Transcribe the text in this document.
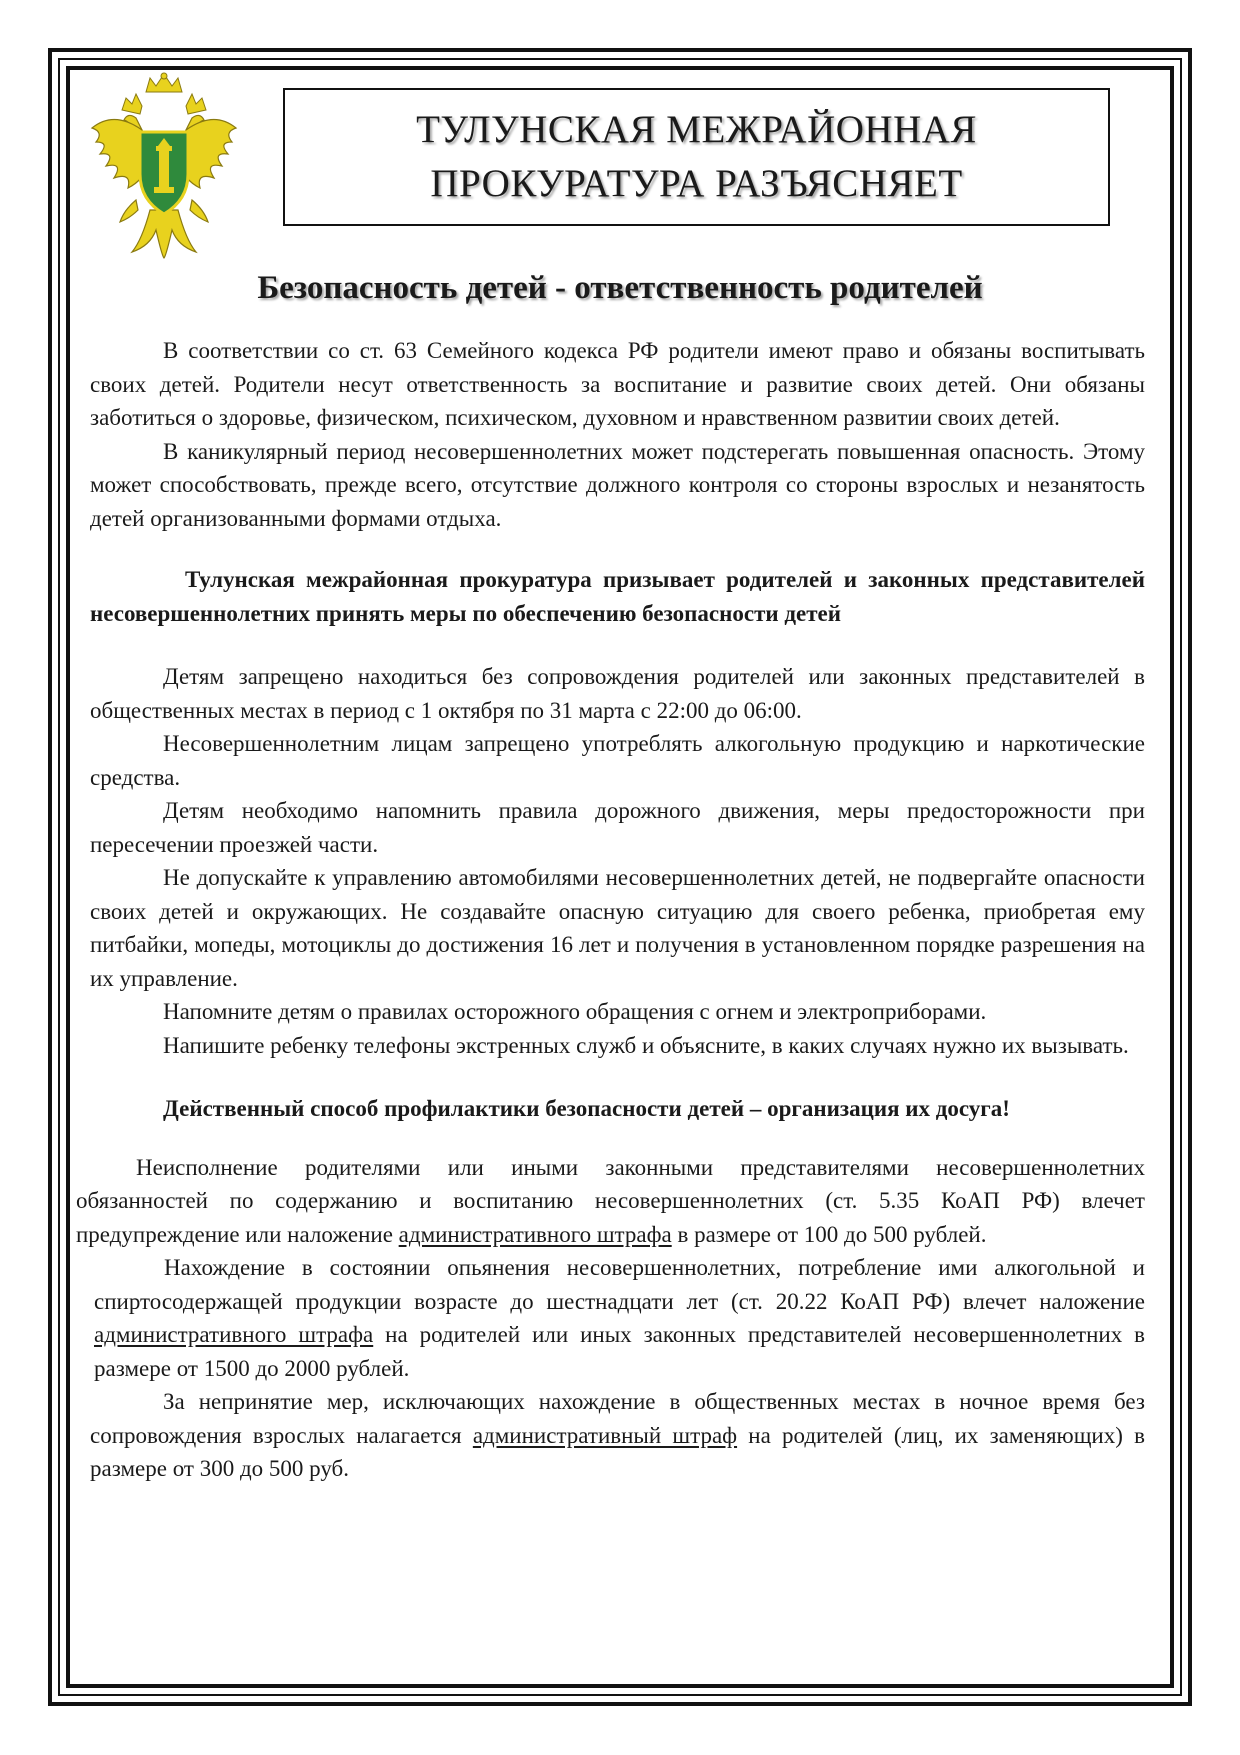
ТУЛУНСКАЯ МЕЖРАЙОННАЯ
ПРОКУРАТУРА РАЗЪЯСНЯЕТ
Безопасность детей - ответственность родителей

В соответствии со ст. 63 Семейного кодекса РФ родители имеют право и обязаны воспитывать своих детей. Родители несут ответственность за воспитание и развитие своих детей. Они обязаны заботиться о здоровье, физическом, психическом, духовном и нравственном развитии своих детей.

В каникулярный период несовершеннолетних может подстерегать повышенная опасность. Этому может способствовать, прежде всего, отсутствие должного контроля со стороны взрослых и незанятость детей организованными формами отдыха.

Тулунская межрайонная прокуратура призывает родителей и законных представителей несовершеннолетних принять меры по обеспечению безопасности детей

Детям запрещено находиться без сопровождения родителей или законных представителей в общественных местах в период с 1 октября по 31 марта с 22:00 до 06:00.

Несовершеннолетним лицам запрещено употреблять алкогольную продукцию и наркотические средства.

Детям необходимо напомнить правила дорожного движения, меры предосторожности при пересечении проезжей части.

Не допускайте к управлению автомобилями несовершеннолетних детей, не подвергайте опасности своих детей и окружающих. Не создавайте опасную ситуацию для своего ребенка, приобретая ему питбайки, мопеды, мотоциклы до достижения 16 лет и получения в установленном порядке разрешения на их управление.

Напомните детям о правилах осторожного обращения с огнем и электроприборами.

Напишите ребенку телефоны экстренных служб и объясните, в каких случаях нужно их вызывать.

Действенный способ профилактики безопасности детей – организация их досуга!

Неисполнение родителями или иными законными представителями несовершеннолетних обязанностей по содержанию и воспитанию несовершеннолетних (ст. 5.35 КоАП РФ) влечет предупреждение или наложение административного штрафа в размере от 100 до 500 рублей.

Нахождение в состоянии опьянения несовершеннолетних, потребление ими алкогольной и спиртосодержащей продукции возрасте до шестнадцати лет (ст. 20.22 КоАП РФ) влечет наложение административного штрафа на родителей или иных законных представителей несовершеннолетних в размере от 1500 до 2000 рублей.

За непринятие мер, исключающих нахождение в общественных местах в ночное время без сопровождения взрослых налагается административный штраф на родителей (лиц, их заменяющих) в размере от 300 до 500 руб.
